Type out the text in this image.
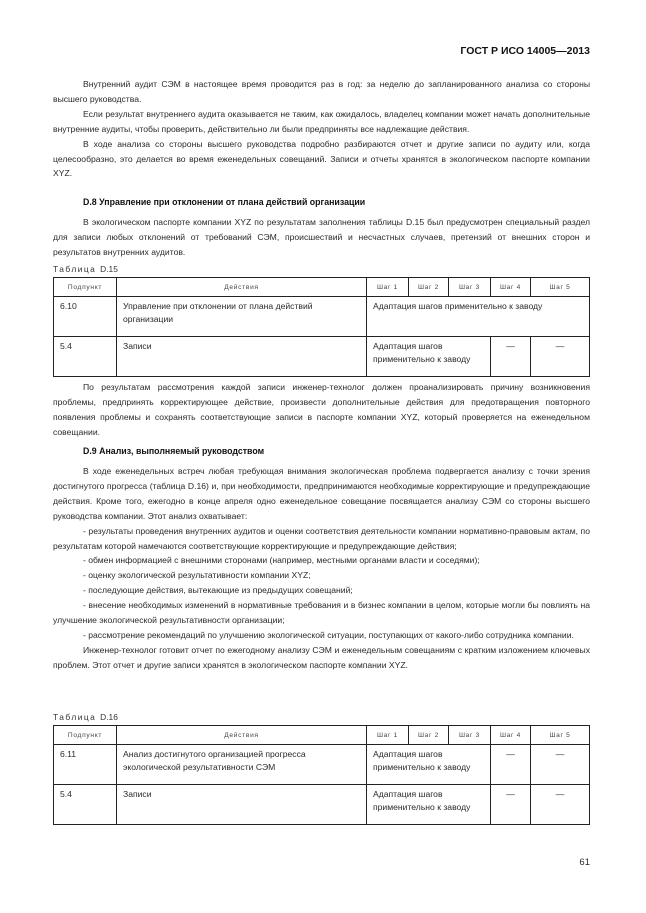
ГОСТ Р ИСО 14005—2013

Внутренний аудит СЭМ в настоящее время проводится раз в год: за неделю до запланированного анализа со стороны высшего руководства.

Если результат внутреннего аудита оказывается не таким, как ожидалось, владелец компании может начать дополнительные внутренние аудиты, чтобы проверить, действительно ли были предприняты все надлежащие действия.

В ходе анализа со стороны высшего руководства подробно разбираются отчет и другие записи по аудиту или, когда целесообразно, это делается во время еженедельных совещаний. Записи и отчеты хранятся в экологическом паспорте компании XYZ.

D.8 Управление при отклонении от плана действий организации

В экологическом паспорте компании XYZ по результатам заполнения таблицы D.15 был предусмотрен специальный раздел для записи любых отклонений от требований СЭМ, происшествий и несчастных случаев, претензий от внешних сторон и результатов внутренних аудитов.

Таблица D.15
Подпункт	Действия	Шаг 1	Шаг 2	Шаг 3	Шаг 4	Шаг 5
6.10	Управление при отклонении от плана действий организации	Адаптация шагов применительно к заводу				
5.4	Записи	Адаптация шагов применительно к заводу			—	—

По результатам рассмотрения каждой записи инженер-технолог должен проанализировать причину возникновения проблемы, предпринять корректирующее действие, произвести дополнительные действия для предотвращения повторного появления проблемы и сохранять соответствующие записи в паспорте компании XYZ, который проверяется на еженедельном совещании.

D.9 Анализ, выполняемый руководством

В ходе еженедельных встреч любая требующая внимания экологическая проблема подвергается анализу с точки зрения достигнутого прогресса (таблица D.16) и, при необходимости, предпринимаются необходимые корректирующие и предупреждающие действия. Кроме того, ежегодно в конце апреля одно еженедельное совещание посвящается анализу СЭМ со стороны высшего руководства компании. Этот анализ охватывает:

- результаты проведения внутренних аудитов и оценки соответствия деятельности компании нормативно-правовым актам, по результатам которой намечаются соответствующие корректирующие и предупреждающие действия;

- обмен информацией с внешними сторонами (например, местными органами власти и соседями);

- оценку экологической результативности компании XYZ;

- последующие действия, вытекающие из предыдущих совещаний;

- внесение необходимых изменений в нормативные требования и в бизнес компании в целом, которые могли бы повлиять на улучшение экологической результативности организации;

- рассмотрение рекомендаций по улучшению экологической ситуации, поступающих от какого-либо сотрудника компании.

Инженер-технолог готовит отчет по ежегодному анализу СЭМ и еженедельным совещаниям с кратким изложением ключевых проблем. Этот отчет и другие записи хранятся в экологическом паспорте компании XYZ.

Таблица D.16
Подпункт	Действия	Шаг 1	Шаг 2	Шаг 3	Шаг 4	Шаг 5
6.11	Анализ достигнутого организацией прогресса экологической результативности СЭМ	Адаптация шагов применительно к заводу			—	—
5.4	Записи	Адаптация шагов применительно к заводу			—	—
61
